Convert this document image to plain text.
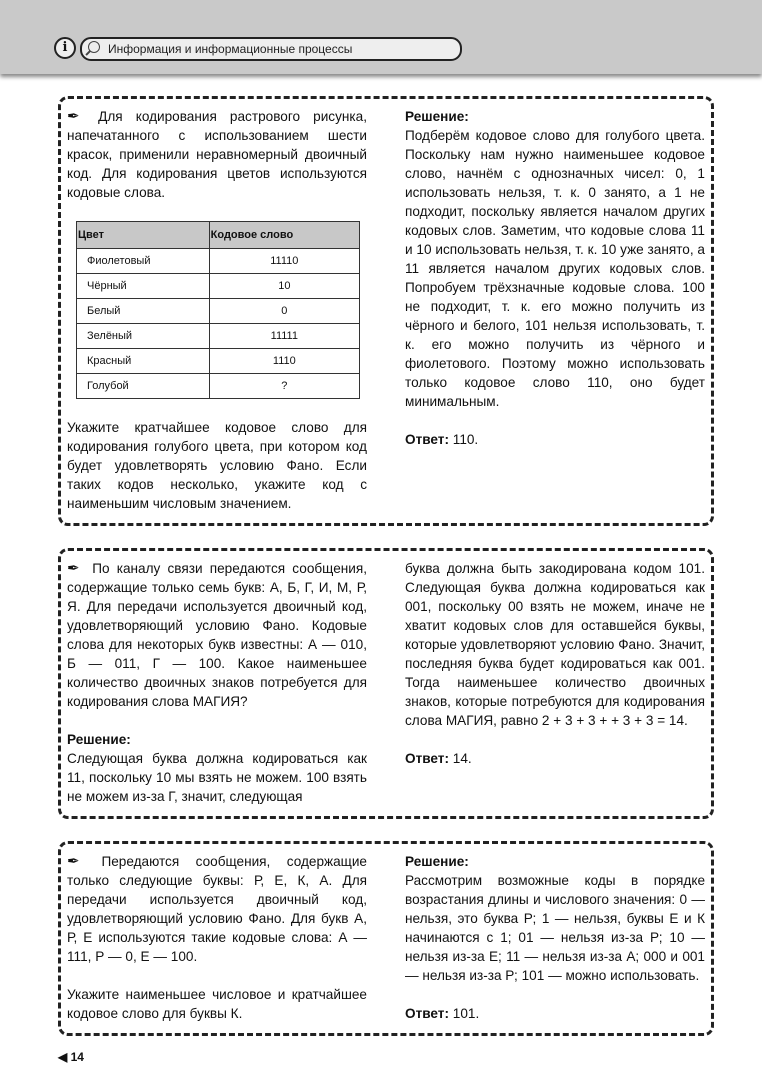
i	Информация и информационные процессы

✒ Для кодирования растрового рисунка, напечатанного с использованием шести красок, применили неравномерный двоичный код. Для кодирования цветов используются кодовые слова.

Цвет	Кодовое слово
Фиолетовый	11110
Чёрный	10
Белый	0
Зелёный	11111
Красный	1110
Голубой	?

Укажите кратчайшее кодовое слово для кодирования голубого цвета, при котором код будет удовлетворять условию Фано. Если таких кодов несколько, укажите код с наименьшим числовым значением.

Решение:

Подберём кодовое слово для голубого цвета. Поскольку нам нужно наименьшее кодовое слово, начнём с однозначных чисел: 0, 1 использовать нельзя, т. к. 0 занято, а 1 не подходит, поскольку является началом других кодовых слов. Заметим, что кодовые слова 11 и 10 использовать нельзя, т. к. 10 уже занято, а 11 является началом других кодовых слов. Попробуем трёхзначные кодовые слова. 100 не подходит, т. к. его можно получить из чёрного и белого, 101 нельзя использовать, т. к. его можно получить из чёрного и фиолетового. Поэтому можно использовать только кодовое слово 110, оно будет минимальным.

Ответ: 110.

✒ По каналу связи передаются сообщения, содержащие только семь букв: А, Б, Г, И, М, Р, Я. Для передачи используется двоичный код, удовлетворяющий условию Фано. Кодовые слова для некоторых букв известны: А — 010, Б — 011, Г — 100. Какое наименьшее количество двоичных знаков потребуется для кодирования слова МАГИЯ?

Решение:

Следующая буква должна кодироваться как 11, поскольку 10 мы взять не можем. 100 взять не можем из-за Г, значит, следующая

буква должна быть закодирована кодом 101. Следующая буква должна кодироваться как 001, поскольку 00 взять не можем, иначе не хватит кодовых слов для оставшейся буквы, которые удовлетворяют условию Фано. Значит, последняя буква будет кодироваться как 001. Тогда наименьшее количество двоичных знаков, которые потребуются для кодирования слова МАГИЯ, равно 2 + 3 + 3 + + 3 + 3 = 14.

Ответ: 14.

✒ Передаются сообщения, содержащие только следующие буквы: Р, Е, К, А. Для передачи используется двоичный код, удовлетворяющий условию Фано. Для букв А, Р, Е используются такие кодовые слова: А — 111, Р — 0, Е — 100.

Укажите наименьшее числовое и кратчайшее кодовое слово для буквы К.

Решение:

Рассмотрим возможные коды в порядке возрастания длины и числового значения: 0 — нельзя, это буква Р; 1 — нельзя, буквы Е и К начинаются с 1; 01 — нельзя из-за Р; 10 — нельзя из-за Е; 11 — нельзя из-за А; 000 и 001 — нельзя из-за Р; 101 — можно использовать.

Ответ: 101.
◀ 14
